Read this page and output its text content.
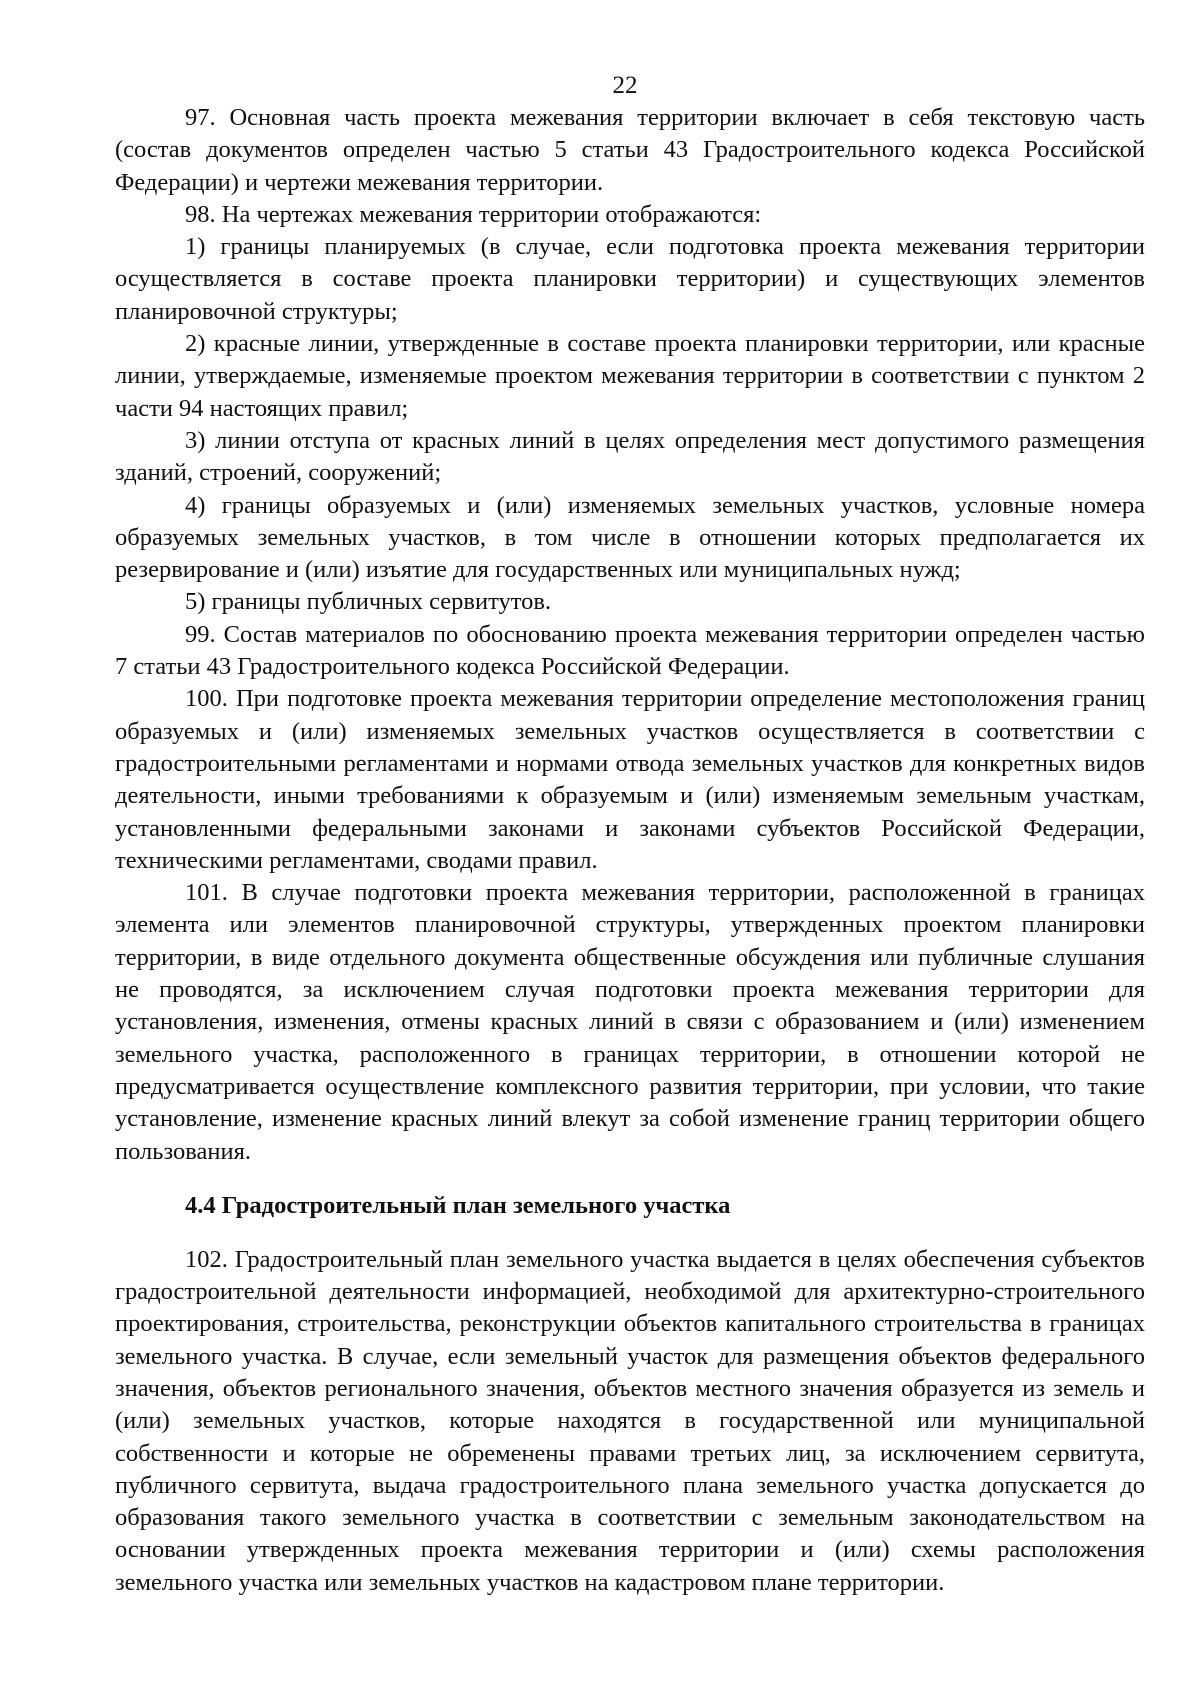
22

97. Основная часть проекта межевания территории включает в себя текстовую часть (состав документов определен частью 5 статьи 43 Градостроительного кодекса Российской Федерации) и чертежи межевания территории.

98. На чертежах межевания территории отображаются:

1) границы планируемых (в случае, если подготовка проекта межевания территории осуществляется в составе проекта планировки территории) и существующих элементов планировочной структуры;

2) красные линии, утвержденные в составе проекта планировки территории, или красные линии, утверждаемые, изменяемые проектом межевания территории в соответствии с пунктом 2 части 94 настоящих правил;

3) линии отступа от красных линий в целях определения мест допустимого размещения зданий, строений, сооружений;

4) границы образуемых и (или) изменяемых земельных участков, условные номера образуемых земельных участков, в том числе в отношении которых предполагается их резервирование и (или) изъятие для государственных или муниципальных нужд;

5) границы публичных сервитутов.

99. Состав материалов по обоснованию проекта межевания территории определен частью 7 статьи 43 Градостроительного кодекса Российской Федерации.

100. При подготовке проекта межевания территории определение местоположения границ образуемых и (или) изменяемых земельных участков осуществляется в соответствии с градостроительными регламентами и нормами отвода земельных участков для конкретных видов деятельности, иными требованиями к образуемым и (или) изменяемым земельным участкам, установленными федеральными законами и законами субъектов Российской Федерации, техническими регламентами, сводами правил.

101. В случае подготовки проекта межевания территории, расположенной в границах элемента или элементов планировочной структуры, утвержденных проектом планировки территории, в виде отдельного документа общественные обсуждения или публичные слушания не проводятся, за исключением случая подготовки проекта межевания территории для установления, изменения, отмены красных линий в связи с образованием и (или) изменением земельного участка, расположенного в границах территории, в отношении которой не предусматривается осуществление комплексного развития территории, при условии, что такие установление, изменение красных линий влекут за собой изменение границ территории общего пользования.

4.4 Градостроительный план земельного участка

102. Градостроительный план земельного участка выдается в целях обеспечения субъектов градостроительной деятельности информацией, необходимой для архитектурно-строительного проектирования, строительства, реконструкции объектов капитального строительства в границах земельного участка. В случае, если земельный участок для размещения объектов федерального значения, объектов регионального значения, объектов местного значения образуется из земель и (или) земельных участков, которые находятся в государственной или муниципальной собственности и которые не обременены правами третьих лиц, за исключением сервитута, публичного сервитута, выдача градостроительного плана земельного участка допускается до образования такого земельного участка в соответствии с земельным законодательством на основании утвержденных проекта межевания территории и (или) схемы расположения земельного участка или земельных участков на кадастровом плане территории.
